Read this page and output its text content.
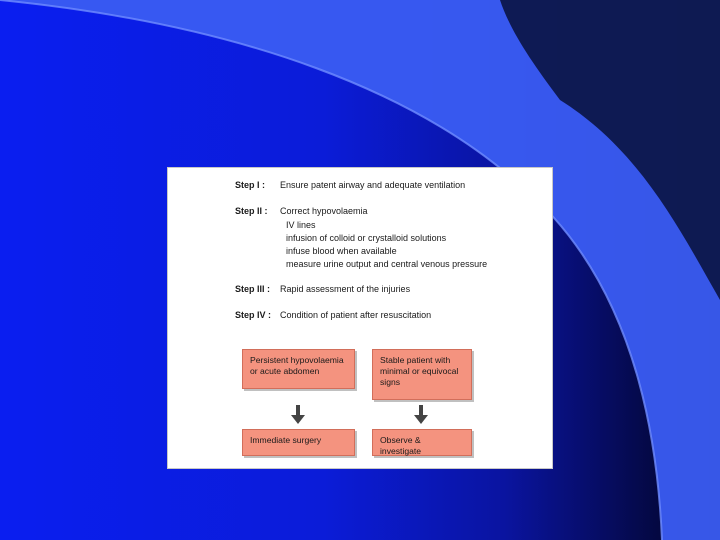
Step I : Ensure patent airway and adequate ventilation
Step II : Correct hypovolaemia
IV lines
infusion of colloid or crystalloid solutions
infuse blood when available
measure urine output and central venous pressure
Step III : Rapid assessment of the injuries
Step IV : Condition of patient after resuscitation
Persistent hypovolaemia or acute abdomen
Stable patient with minimal or equivocal signs
Immediate surgery	Observe & investigate
